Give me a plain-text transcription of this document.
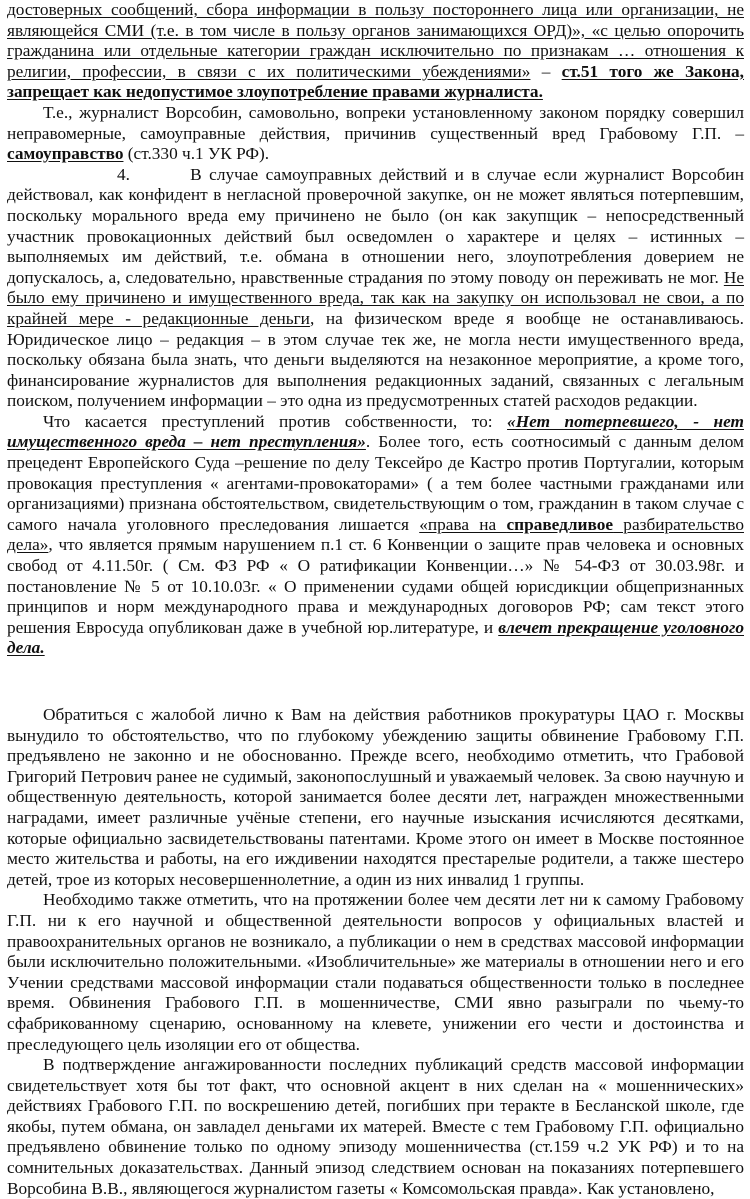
достоверных сообщений, сбора информации в пользу постороннего лица или организации, не являющейся СМИ (т.е. в том числе в пользу органов занимающихся ОРД)», «с целью опорочить гражданина или отдельные категории граждан исключительно по признакам … отношения к религии, профессии, в связи с их политическими убеждениями» – ст.51 того же Закона, запрещает как недопустимое злоупотребление правами журналиста.

Т.е., журналист Ворсобин, самовольно, вопреки установленному законом порядку совершил неправомерные, самоуправные действия, причинив существенный вред Грабовому Г.П. – самоуправство (ст.330 ч.1 УК РФ).

4.	В случае самоуправных действий и в случае если журналист Ворсобин действовал, как конфидент в негласной проверочной закупке, он не может являться потерпевшим, поскольку морального вреда ему причинено не было (он как закупщик – непосредственный участник провокационных действий был осведомлен о характере и целях – истинных – выполняемых им действий, т.е. обмана в отношении него, злоупотребления доверием не допускалось, а, следовательно, нравственные страдания по этому поводу он переживать не мог. Не было ему причинено и имущественного вреда, так как на закупку он использовал не свои, а по крайней мере - редакционные деньги, на физическом вреде я вообще не останавливаюсь. Юридическое лицо – редакция – в этом случае тек же, не могла нести имущественного вреда, поскольку обязана была знать, что деньги выделяются на незаконное мероприятие, а кроме того, финансирование журналистов для выполнения редакционных заданий, связанных с легальным поиском, получением информации – это одна из предусмотренных статей расходов редакции.

Что касается преступлений против собственности, то: «Нет потерпевшего, - нет имущественного вреда – нет преступления». Более того, есть соотносимый с данным делом прецедент Европейского Суда –решение по делу Тексейро де Кастро против Португалии, которым провокация преступления « агентами-провокаторами» ( а тем более частными гражданами или организациями) признана обстоятельством, свидетельствующим о том, гражданин в таком случае с самого начала уголовного преследования лишается «права на справедливое разбирательство дела», что является прямым нарушением п.1 ст. 6 Конвенции о защите прав человека и основных свобод от 4.11.50г. ( См. ФЗ РФ « О ратификации Конвенции…» № 54-ФЗ от 30.03.98г. и постановление № 5 от 10.10.03г. « О применении судами общей юрисдикции общепризнанных принципов и норм международного права и международных договоров РФ; сам текст этого решения Евросуда опубликован даже в учебной юр.литературе, и влечет прекращение уголовного дела.

Обратиться с жалобой лично к Вам на действия работников прокуратуры ЦАО г. Москвы вынудило то обстоятельство, что по глубокому убеждению защиты обвинение Грабовому Г.П. предъявлено не законно и не обоснованно. Прежде всего, необходимо отметить, что Грабовой Григорий Петрович ранее не судимый, законопослушный и уважаемый человек. За свою научную и общественную деятельность, которой занимается более десяти лет, награжден множественными наградами, имеет различные учёные степени, его научные изыскания исчисляются десятками, которые официально засвидетельствованы патентами. Кроме этого он имеет в Москве постоянное место жительства и работы, на его иждивении находятся престарелые родители, а также шестеро детей, трое из которых несовершеннолетние, а один из них инвалид 1 группы.

Необходимо также отметить, что на протяжении более чем десяти лет ни к самому Грабовому Г.П. ни к его научной и общественной деятельности вопросов у официальных властей и правоохранительных органов не возникало, а публикации о нем в средствах массовой информации были исключительно положительными. «Изобличительные» же материалы в отношении него и его Учении средствами массовой информации стали подаваться общественности только в последнее время. Обвинения Грабового Г.П. в мошенничестве, СМИ явно разыграли по чьему-то сфабрикованному сценарию, основанному на клевете, унижении его чести и достоинства и преследующего цель изоляции его от общества.

В подтверждение ангажированности последних публикаций средств массовой информации свидетельствует хотя бы тот факт, что основной акцент в них сделан на « мошеннических» действиях Грабового Г.П. по воскрешению детей, погибших при теракте в Бесланской школе, где якобы, путем обмана, он завладел деньгами их матерей. Вместе с тем Грабовому Г.П. официально предъявлено обвинение только по одному эпизоду мошенничества (ст.159 ч.2 УК РФ) и то на сомнительных доказательствах. Данный эпизод следствием основан на показаниях потерпевшего Ворсобина В.В., являющегося журналистом газеты « Комсомольская правда». Как установлено,
